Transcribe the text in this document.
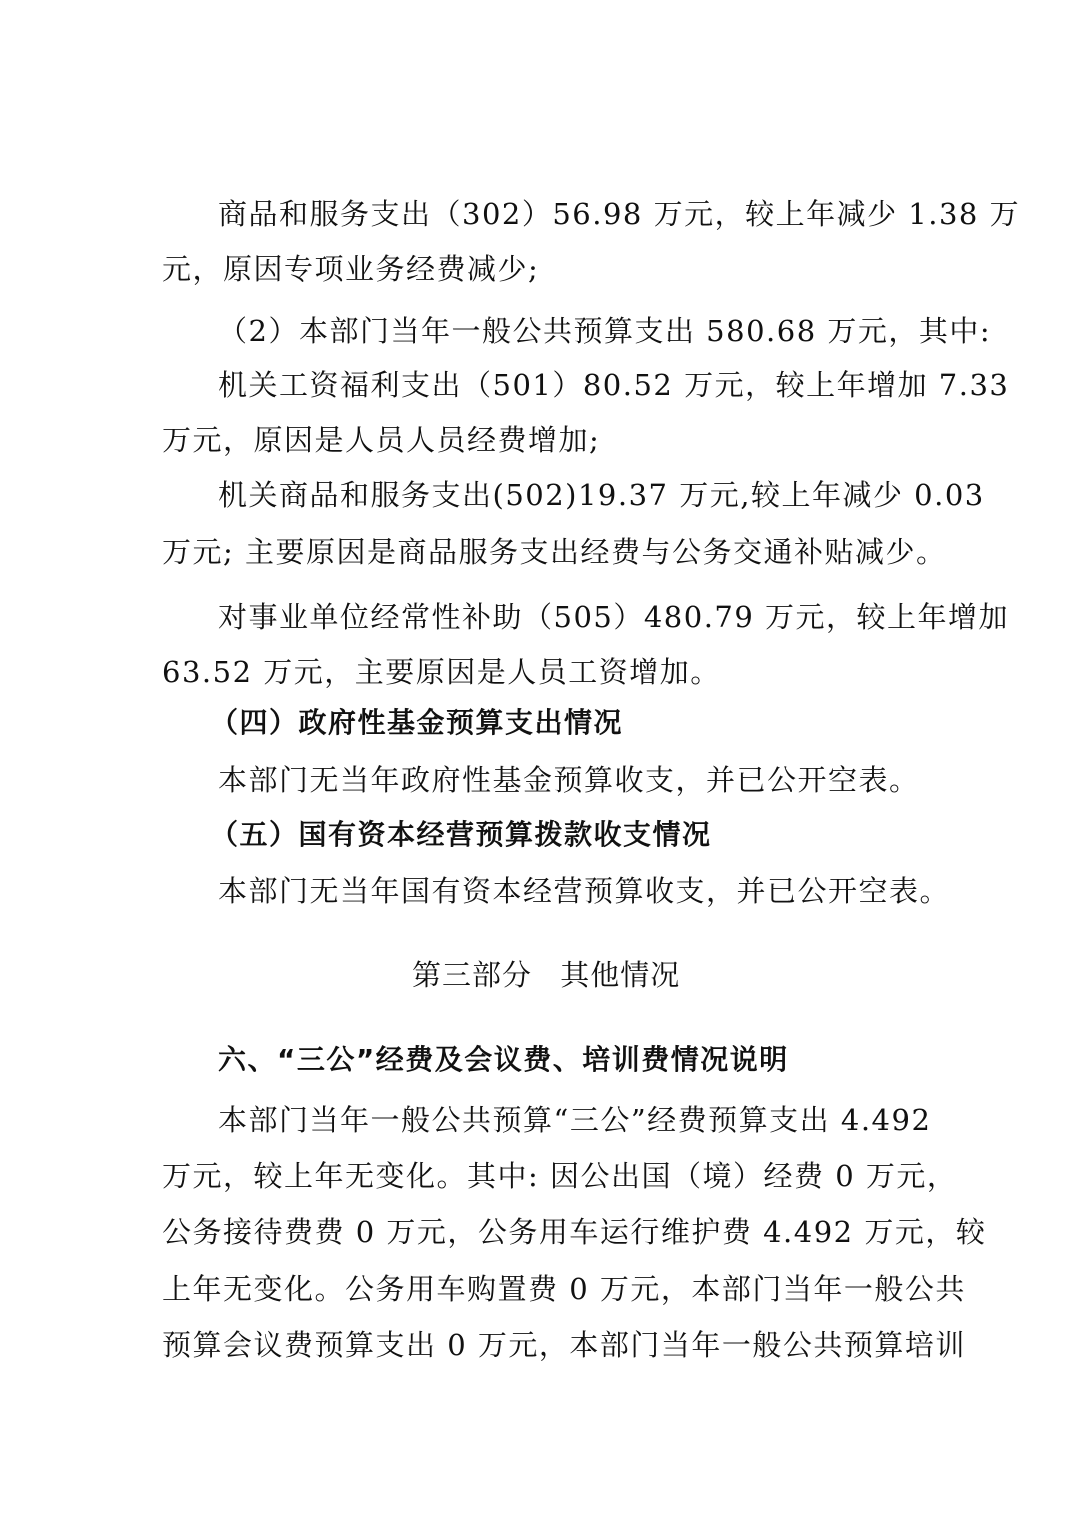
商品和服务支出（302）56.98 万元，较上年减少 1.38 万
元，原因专项业务经费减少;
（2）本部门当年一般公共预算支出 580.68 万元，其中:
机关工资福利支出（501）80.52 万元，较上年增加 7.33
万元，原因是人员人员经费增加;
机关商品和服务支出(502)19.37 万元,较上年减少 0.03
万元; 主要原因是商品服务支出经费与公务交通补贴减少。
对事业单位经常性补助（505）480.79 万元，较上年增加
63.52 万元，主要原因是人员工资增加。
（四）政府性基金预算支出情况
本部门无当年政府性基金预算收支，并已公开空表。
（五）国有资本经营预算拨款收支情况
本部门无当年国有资本经营预算收支，并已公开空表。
第三部分 其他情况
六、“三公”经费及会议费、培训费情况说明
本部门当年一般公共预算“三公”经费预算支出 4.492
万元，较上年无变化。其中: 因公出国（境）经费 0 万元，
公务接待费费 0 万元，公务用车运行维护费 4.492 万元，较
上年无变化。公务用车购置费 0 万元，本部门当年一般公共
预算会议费预算支出 0 万元，本部门当年一般公共预算培训
